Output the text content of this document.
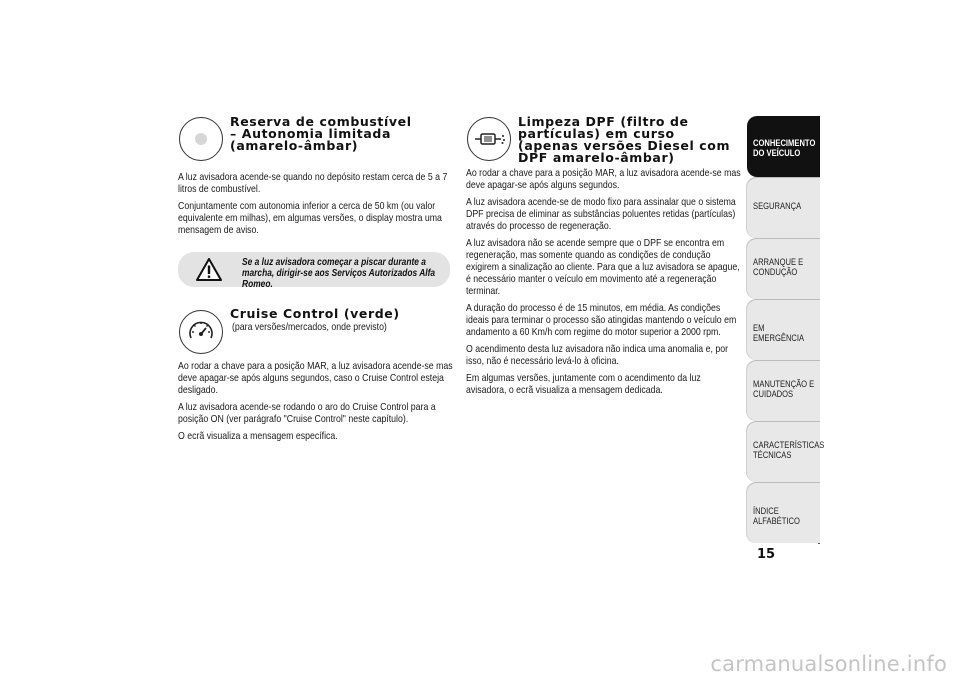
Reserva de combustível – Autonomia limitada (amarelo-âmbar)

A luz avisadora acende-se quando no depósito restam cerca de 5 a 7 litros de combustível.

Conjuntamente com autonomia inferior a cerca de 50 km (ou valor equivalente em milhas), em algumas versões, o display mostra uma mensagem de aviso.

Se a luz avisadora começar a piscar durante a marcha, dirigir-se aos Serviços Autorizados Alfa Romeo.
Cruise Control (verde)
(para versões/mercados, onde previsto)

Ao rodar a chave para a posição MAR, a luz avisadora acende-se mas deve apagar-se após alguns segundos, caso o Cruise Control esteja desligado.

A luz avisadora acende-se rodando o aro do Cruise Control para a posição ON (ver parágrafo "Cruise Control" neste capítulo).

O ecrã visualiza a mensagem específica.

Limpeza DPF (filtro de partículas) em curso (apenas versões Diesel com DPF amarelo-âmbar)

Ao rodar a chave para a posição MAR, a luz avisadora acende-se mas deve apagar-se após alguns segundos.

A luz avisadora acende-se de modo fixo para assinalar que o sistema DPF precisa de eliminar as substâncias poluentes retidas (partículas) através do processo de regeneração.

A luz avisadora não se acende sempre que o DPF se encontra em regeneração, mas somente quando as condições de condução exigirem a sinalização ao cliente. Para que a luz avisadora se apague, é necessário manter o veículo em movimento até a regeneração terminar.

A duração do processo é de 15 minutos, em média. As condições ideais para terminar o processo são atingidas mantendo o veículo em andamento a 60 Km/h com regime do motor superior a 2000 rpm.

O acendimento desta luz avisadora não indica uma anomalia e, por isso, não é necessário levá-lo à oficina.

Em algumas versões, juntamente com o acendimento da luz avisadora, o ecrã visualiza a mensagem dedicada.

CONHECIMENTO
DO VEÍCULO
SEGURANÇA
ARRANQUE E
CONDUÇÃO
EM EMERGÊNCIA
MANUTENÇÃO E
CUIDADOS
CARACTERÍSTICAS
TÉCNICAS
ÍNDICE ALFABÉTICO
15
carmanualsonline.info
